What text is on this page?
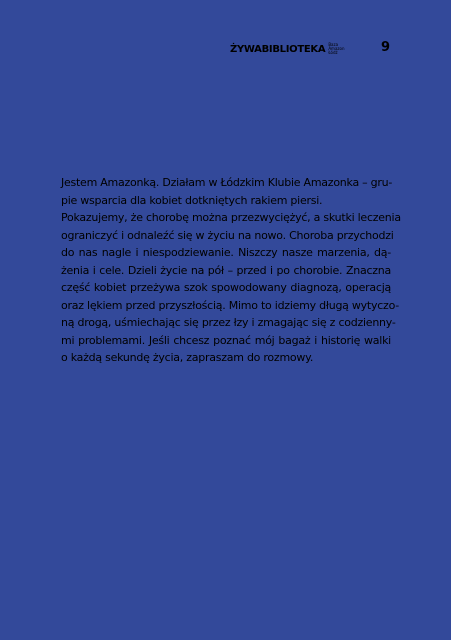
ŻYWABIBLIOTEKA Baza
Amazon
Łódź	9

Jestem Amazonką. Działam w Łódzkim Klubie Amazonka – gru-
pie wsparcia dla kobiet dotkniętych rakiem piersi.
Pokazujemy, że chorobę można przezwyciężyć, a skutki leczenia
ograniczyć i odnaleźć się w życiu na nowo. Choroba przychodzi
do nas nagle i niespodziewanie. Niszczy nasze marzenia, dą-
żenia i cele. Dzieli życie na pół – przed i po chorobie. Znaczna
część kobiet przeżywa szok spowodowany diagnozą, operacją
oraz lękiem przed przyszłością. Mimo to idziemy długą wytyczo-
ną drogą, uśmiechając się przez łzy i zmagając się z codzienny-
mi problemami. Jeśli chcesz poznać mój bagaż i historię walki
o każdą sekundę życia, zapraszam do rozmowy.
